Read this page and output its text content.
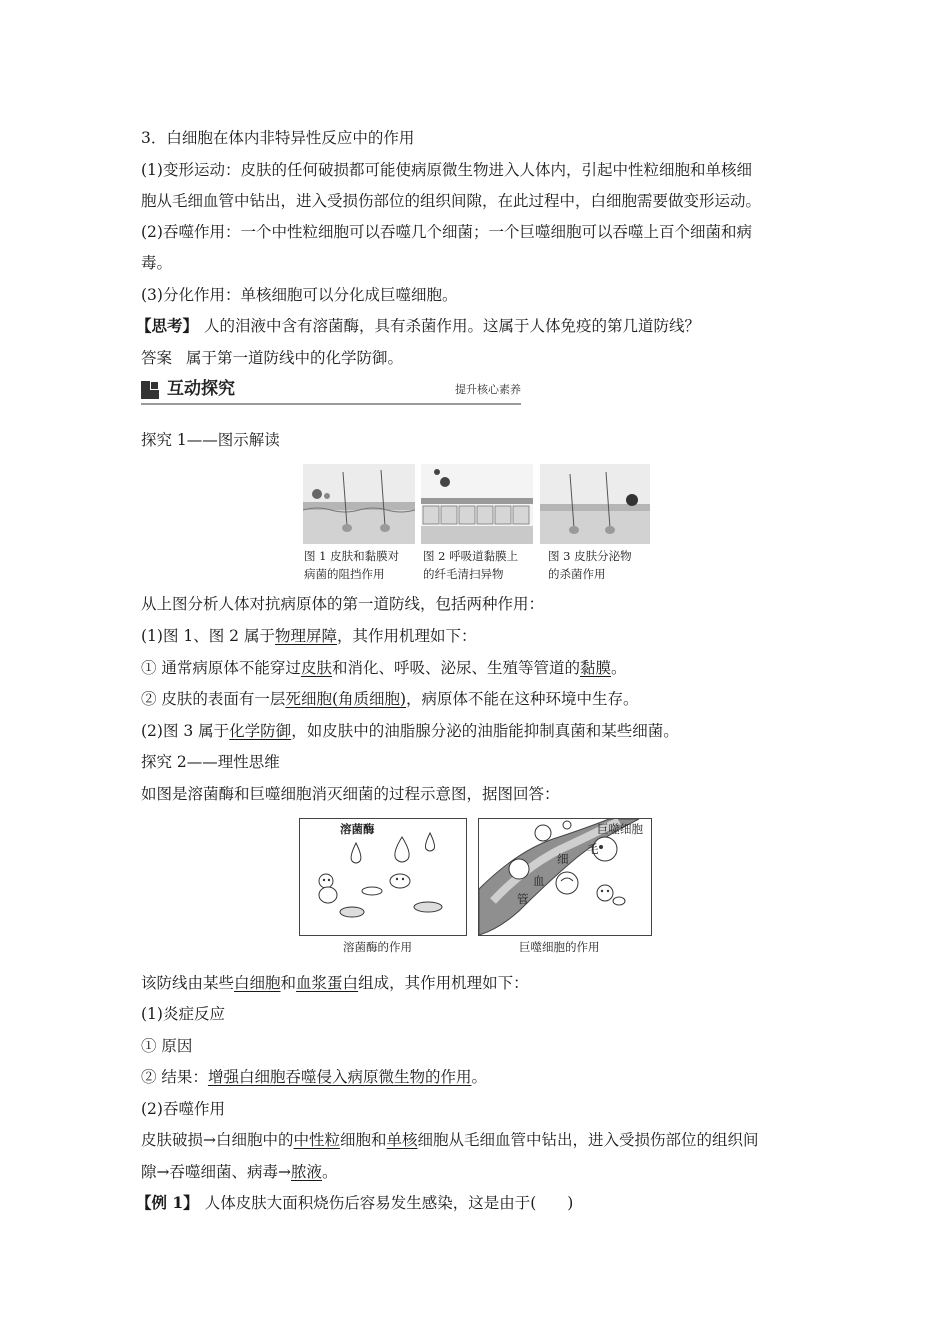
3．白细胞在体内非特异性反应中的作用
(1)变形运动：皮肤的任何破损都可能使病原微生物进入人体内，引起中性粒细胞和单核细
胞从毛细血管中钻出，进入受损伤部位的组织间隙，在此过程中，白细胞需要做变形运动。
(2)吞噬作用：一个中性粒细胞可以吞噬几个细菌；一个巨噬细胞可以吞噬上百个细菌和病
毒。
(3)分化作用：单核细胞可以分化成巨噬细胞。
【思考】 人的泪液中含有溶菌酶，具有杀菌作用。这属于人体免疫的第几道防线？
答案 属于第一道防线中的化学防御。
互动探究	提升核心素养
探究 1——图示解读
图 1 皮肤和黏膜对
病菌的阻挡作用
图 2 呼吸道黏膜上
的纤毛清扫异物
图 3 皮肤分泌物
的杀菌作用
从上图分析人体对抗病原体的第一道防线，包括两种作用：
(1)图 1、图 2 属于物理屏障，其作用机理如下：
① 通常病原体不能穿过皮肤和消化、呼吸、泌尿、生殖等管道的黏膜。
② 皮肤的表面有一层死细胞(角质细胞)，病原体不能在这种环境中生存。
(2)图 3 属于化学防御，如皮肤中的油脂腺分泌的油脂能抑制真菌和某些细菌。
探究 2——理性思维
如图是溶菌酶和巨噬细胞消灭细菌的过程示意图，据图回答：
溶菌酶
溶菌酶的作用
巨噬细胞
毛
细
血
管
巨噬细胞的作用
该防线由某些白细胞和血浆蛋白组成，其作用机理如下：
(1)炎症反应
① 原因
② 结果：增强白细胞吞噬侵入病原微生物的作用。
(2)吞噬作用
皮肤破损→白细胞中的中性粒细胞和单核细胞从毛细血管中钻出，进入受损伤部位的组织间
隙→吞噬细菌、病毒→脓液。
【例 1】 人体皮肤大面积烧伤后容易发生感染，这是由于(　　)
